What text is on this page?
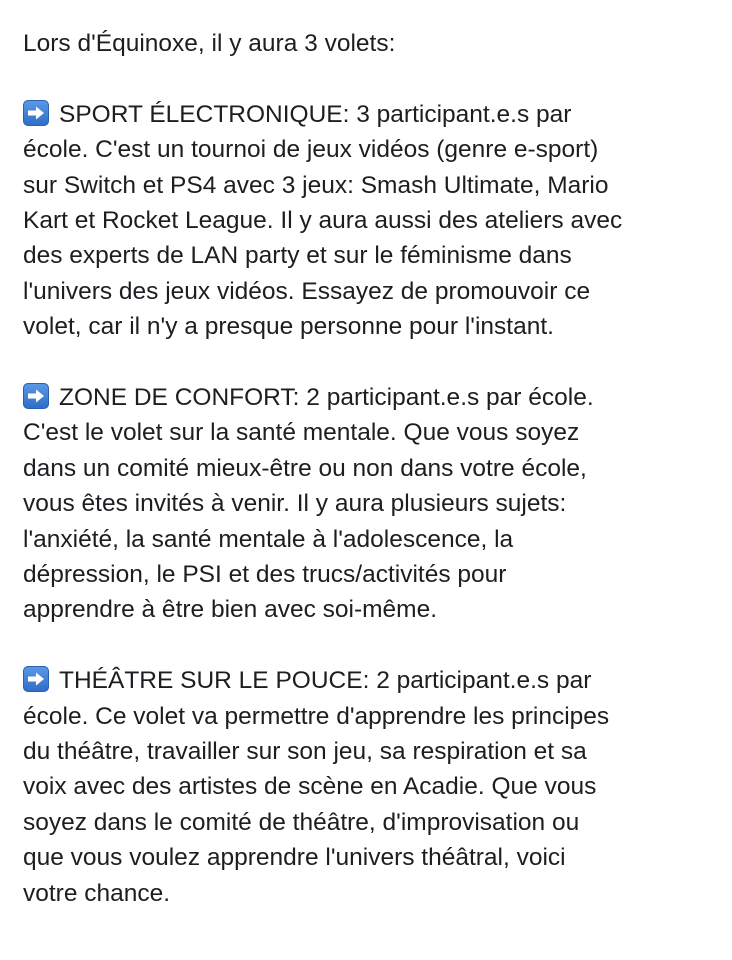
Lors d'Équinoxe, il y aura 3 volets:

SPORT ÉLECTRONIQUE: 3 participant.e.s par
école. C'est un tournoi de jeux vidéos (genre e-sport)
sur Switch et PS4 avec 3 jeux: Smash Ultimate, Mario
Kart et Rocket League. Il y aura aussi des ateliers avec
des experts de LAN party et sur le féminisme dans
l'univers des jeux vidéos. Essayez de promouvoir ce
volet, car il n'y a presque personne pour l'instant.
ZONE DE CONFORT: 2 participant.e.s par école.
C'est le volet sur la santé mentale. Que vous soyez
dans un comité mieux-être ou non dans votre école,
vous êtes invités à venir. Il y aura plusieurs sujets:
l'anxiété, la santé mentale à l'adolescence, la
dépression, le PSI et des trucs/activités pour
apprendre à être bien avec soi-même.
THÉÂTRE SUR LE POUCE: 2 participant.e.s par
école. Ce volet va permettre d'apprendre les principes
du théâtre, travailler sur son jeu, sa respiration et sa
voix avec des artistes de scène en Acadie. Que vous
soyez dans le comité de théâtre, d'improvisation ou
que vous voulez apprendre l'univers théâtral, voici
votre chance.
